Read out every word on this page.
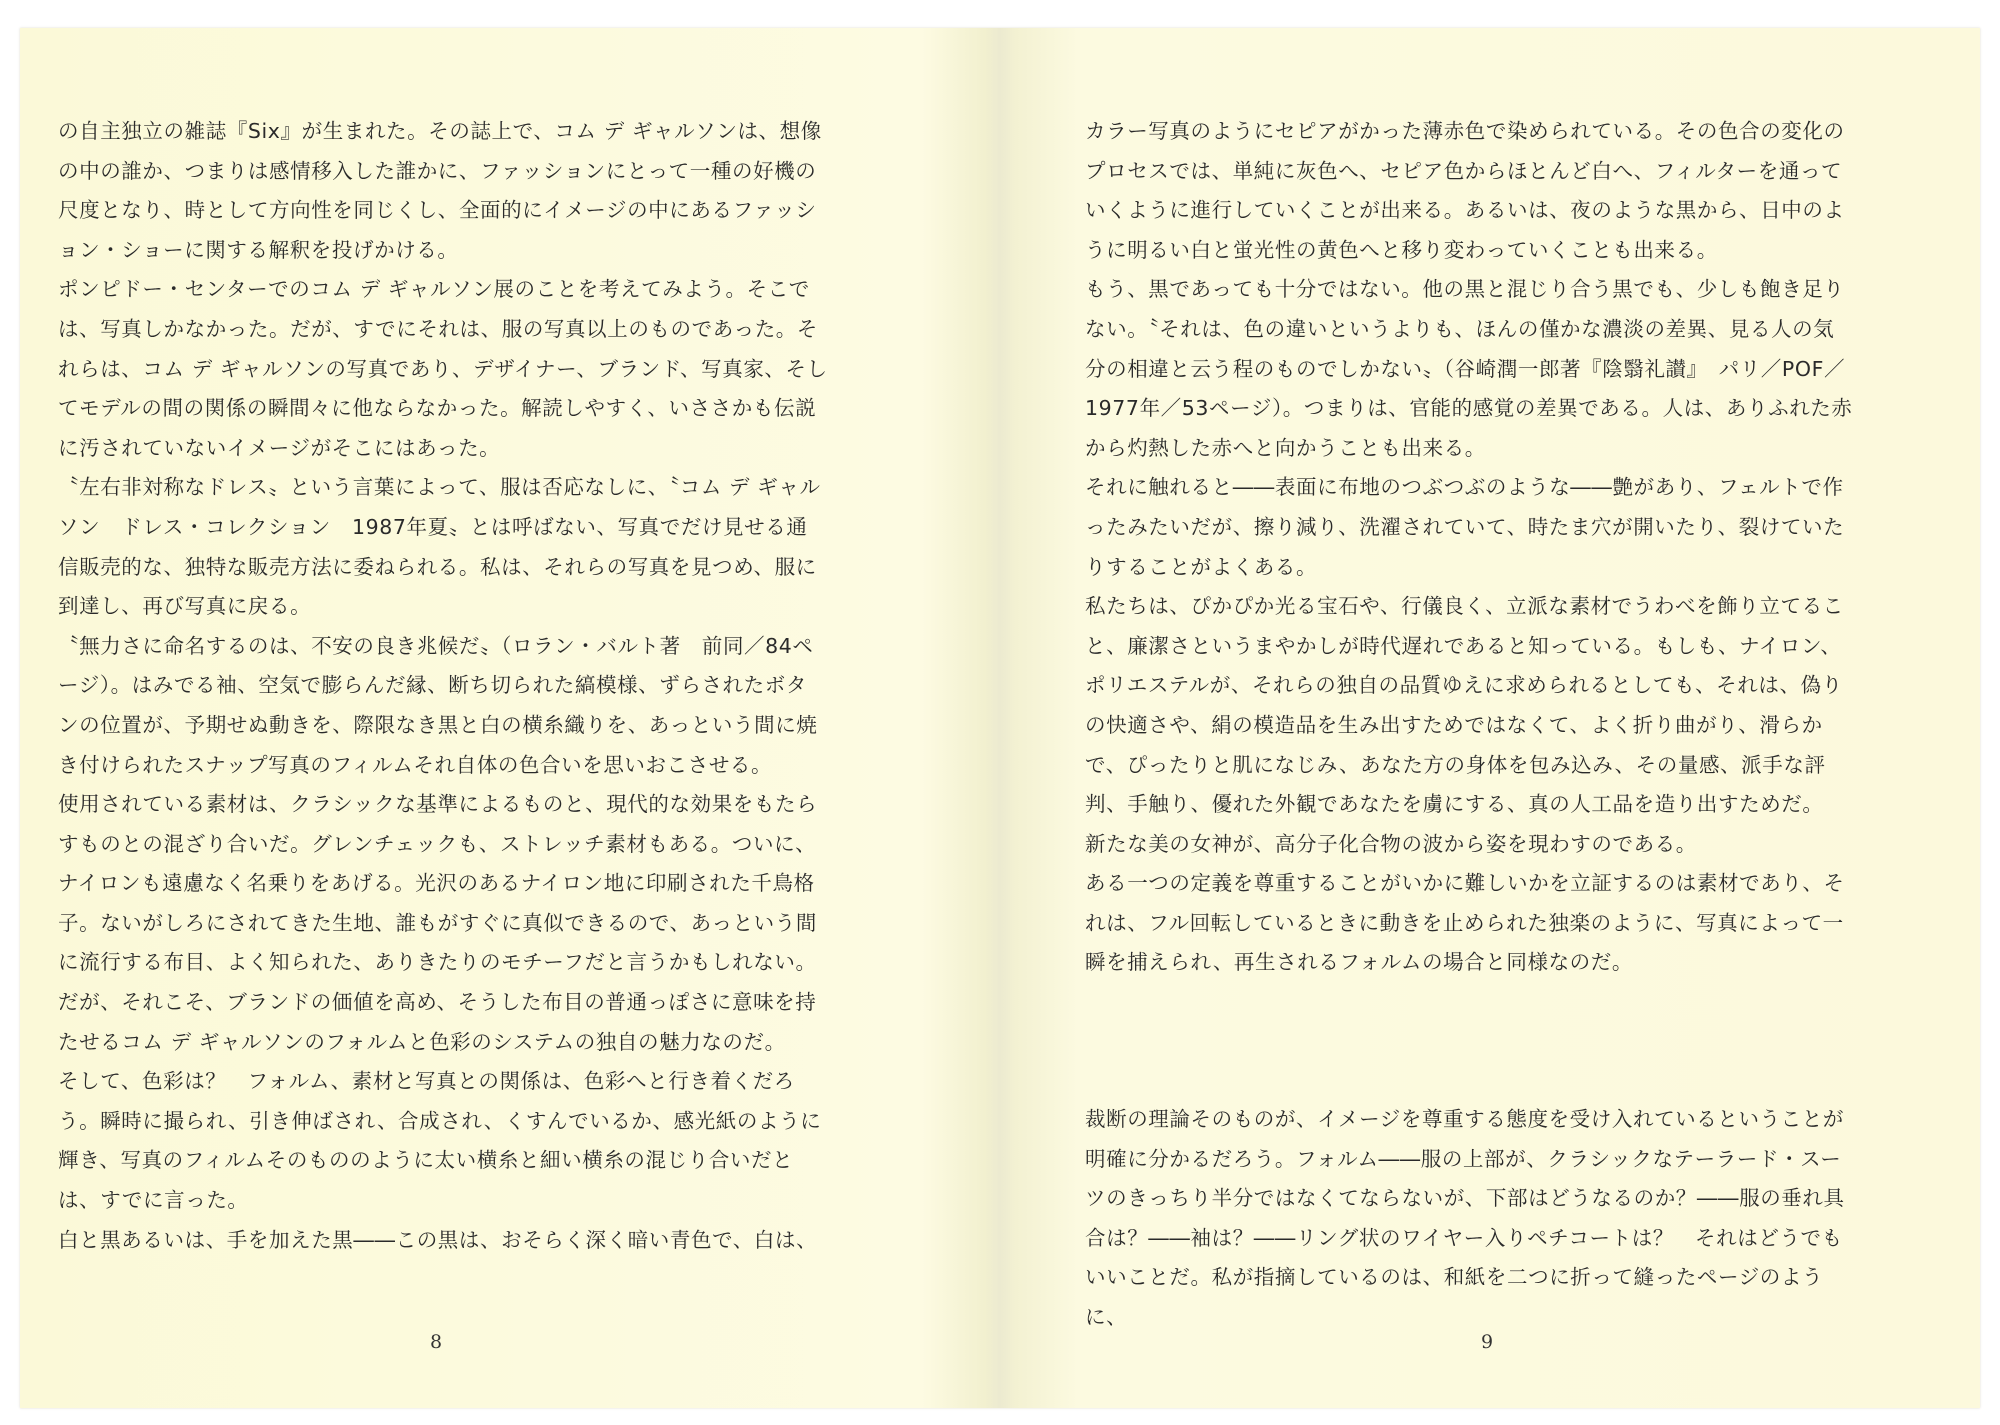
の自主独立の雑誌『Six』が生まれた。その誌上で、コム デ ギャルソンは、想像の中の誰か、つまりは感情移入した誰かに、ファッションにとって一種の好機の尺度となり、時として方向性を同じくし、全面的にイメージの中にあるファッション・ショーに関する解釈を投げかける。

ポンピドー・センターでのコム デ ギャルソン展のことを考えてみよう。そこでは、写真しかなかった。だが、すでにそれは、服の写真以上のものであった。それらは、コム デ ギャルソンの写真であり、デザイナー、ブランド、写真家、そしてモデルの間の関係の瞬間々に他ならなかった。解読しやすく、いささかも伝説に汚されていないイメージがそこにはあった。

〝左右非対称なドレス〟という言葉によって、服は否応なしに、〝コム デ ギャルソン　ドレス・コレクション　1987年夏〟とは呼ばない、写真でだけ見せる通信販売的な、独特な販売方法に委ねられる。私は、それらの写真を見つめ、服に到達し、再び写真に戻る。

〝無力さに命名するのは、不安の良き兆候だ〟（ロラン・バルト著　前同／84ページ）。はみでる袖、空気で膨らんだ縁、断ち切られた縞模様、ずらされたボタンの位置が、予期せぬ動きを、際限なき黒と白の横糸織りを、あっという間に焼き付けられたスナップ写真のフィルムそれ自体の色合いを思いおこさせる。

使用されている素材は、クラシックな基準によるものと、現代的な効果をもたらすものとの混ざり合いだ。グレンチェックも、ストレッチ素材もある。ついに、ナイロンも遠慮なく名乗りをあげる。光沢のあるナイロン地に印刷された千鳥格子。ないがしろにされてきた生地、誰もがすぐに真似できるので、あっという間に流行する布目、よく知られた、ありきたりのモチーフだと言うかもしれない。だが、それこそ、ブランドの価値を高め、そうした布目の普通っぽさに意味を持たせるコム デ ギャルソンのフォルムと色彩のシステムの独自の魅力なのだ。

そして、色彩は？　フォルム、素材と写真との関係は、色彩へと行き着くだろう。瞬時に撮られ、引き伸ばされ、合成され、くすんでいるか、感光紙のように輝き、写真のフィルムそのもののように太い横糸と細い横糸の混じり合いだとは、すでに言った。

白と黒あるいは、手を加えた黒――この黒は、おそらく深く暗い青色で、白は、

8

カラー写真のようにセピアがかった薄赤色で染められている。その色合の変化のプロセスでは、単純に灰色へ、セピア色からほとんど白へ、フィルターを通っていくように進行していくことが出来る。あるいは、夜のような黒から、日中のように明るい白と蛍光性の黄色へと移り変わっていくことも出来る。

もう、黒であっても十分ではない。他の黒と混じり合う黒でも、少しも飽き足りない。〝それは、色の違いというよりも、ほんの僅かな濃淡の差異、見る人の気分の相違と云う程のものでしかない〟（谷崎潤一郎著『陰翳礼讃』　パリ／POF／1977年／53ページ）。つまりは、官能的感覚の差異である。人は、ありふれた赤から灼熱した赤へと向かうことも出来る。

それに触れると――表面に布地のつぶつぶのような――艶があり、フェルトで作ったみたいだが、擦り減り、洗濯されていて、時たま穴が開いたり、裂けていたりすることがよくある。

私たちは、ぴかぴか光る宝石や、行儀良く、立派な素材でうわべを飾り立てること、廉潔さというまやかしが時代遅れであると知っている。もしも、ナイロン、ポリエステルが、それらの独自の品質ゆえに求められるとしても、それは、偽りの快適さや、絹の模造品を生み出すためではなくて、よく折り曲がり、滑らかで、ぴったりと肌になじみ、あなた方の身体を包み込み、その量感、派手な評判、手触り、優れた外観であなたを虜にする、真の人工品を造り出すためだ。

新たな美の女神が、高分子化合物の波から姿を現わすのである。

ある一つの定義を尊重することがいかに難しいかを立証するのは素材であり、それは、フル回転しているときに動きを止められた独楽のように、写真によって一瞬を捕えられ、再生されるフォルムの場合と同様なのだ。

裁断の理論そのものが、イメージを尊重する態度を受け入れているということが明確に分かるだろう。フォルム――服の上部が、クラシックなテーラード・スーツのきっちり半分ではなくてならないが、下部はどうなるのか？――服の垂れ具合は？――袖は？――リング状のワイヤー入りペチコートは？　それはどうでもいいことだ。私が指摘しているのは、和紙を二つに折って縫ったページのように、

9
